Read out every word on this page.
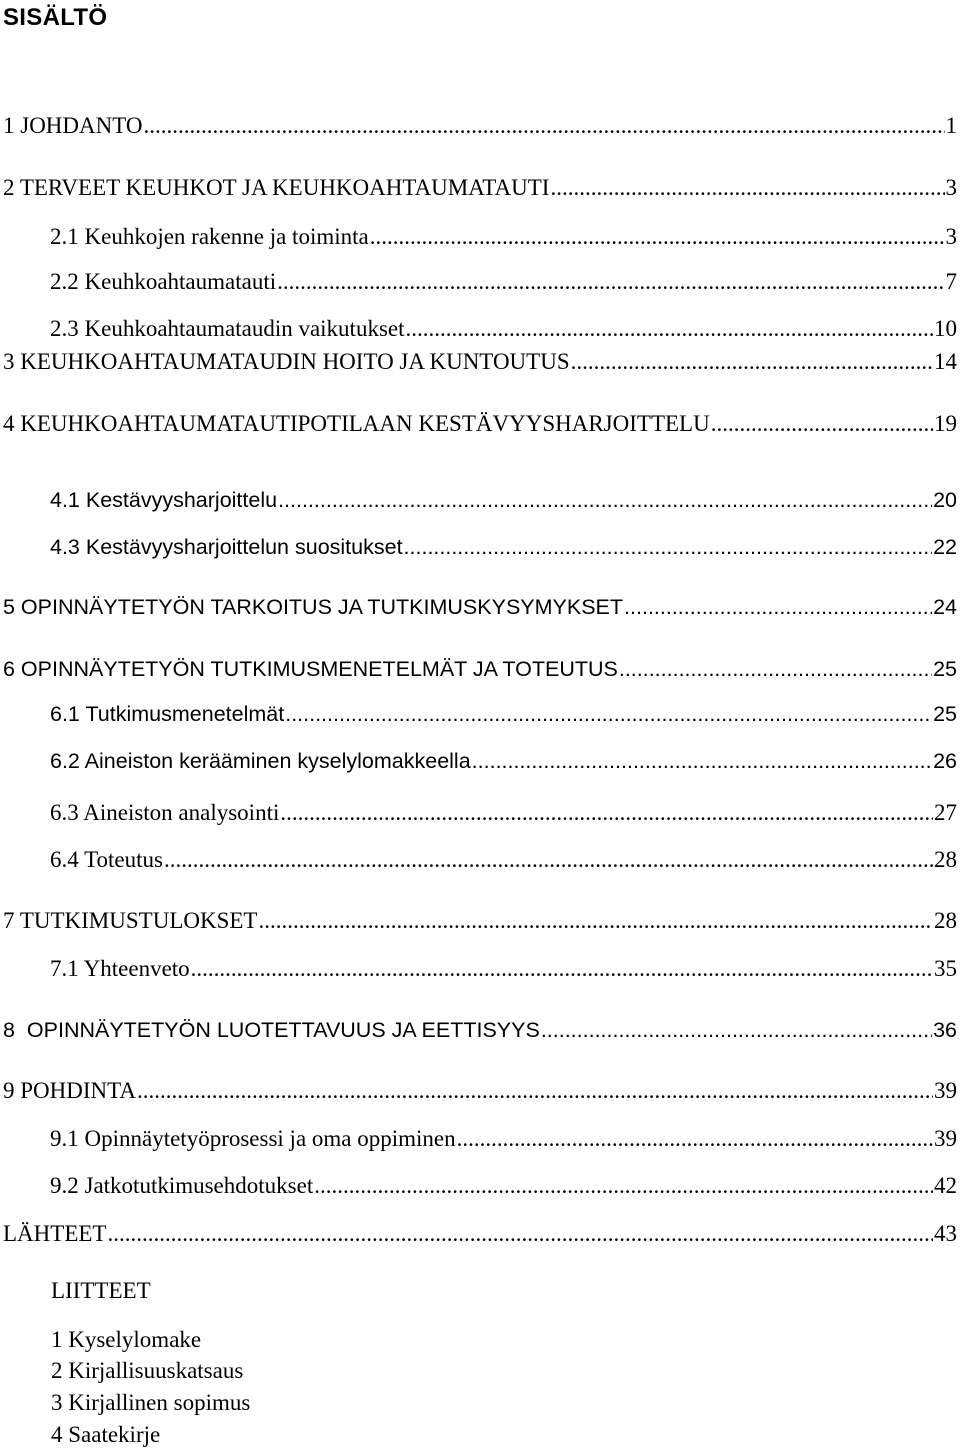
SISÄLTÖ
1 JOHDANTO .....	1
2 TERVEET KEUHKOT JA KEUHKOAHTAUMATAUTI .....	3
2.1 Keuhkojen rakenne ja toiminta .....	3
2.2 Keuhkoahtaumatauti .....	7
2.3 Keuhkoahtaumataudin vaikutukset .....	10
3 KEUHKOAHTAUMATAUDIN HOITO JA KUNTOUTUS .....	14
4 KEUHKOAHTAUMATAUTIPOTILAAN KESTÄVYYSHARJOITTELU .....	19
4.1 Kestävyysharjoittelu .....	20
4.3 Kestävyysharjoittelun suositukset .....	22
5 OPINNÄYTETYÖN TARKOITUS JA TUTKIMUSKYSYMYKSET .....	24
6 OPINNÄYTETYÖN TUTKIMUSMENETELMÄT JA TOTEUTUS .....	25
6.1 Tutkimusmenetelmät .....	25
6.2 Aineiston kerääminen kyselylomakkeella .....	26
6.3 Aineiston analysointi .....	27
6.4 Toteutus .....	28
7 TUTKIMUSTULOKSET .....	28
7.1 Yhteenveto .....	35
8  OPINNÄYTETYÖN LUOTETTAVUUS JA EETTISYYS .....	36
9 POHDINTA .....	39
9.1 Opinnäytetyöprosessi ja oma oppiminen .....	39
9.2 Jatkotutkimusehdotukset .....	42
LÄHTEET .....	43
LIITTEET
1 Kyselylomake
2 Kirjallisuuskatsaus
3 Kirjallinen sopimus
4 Saatekirje
